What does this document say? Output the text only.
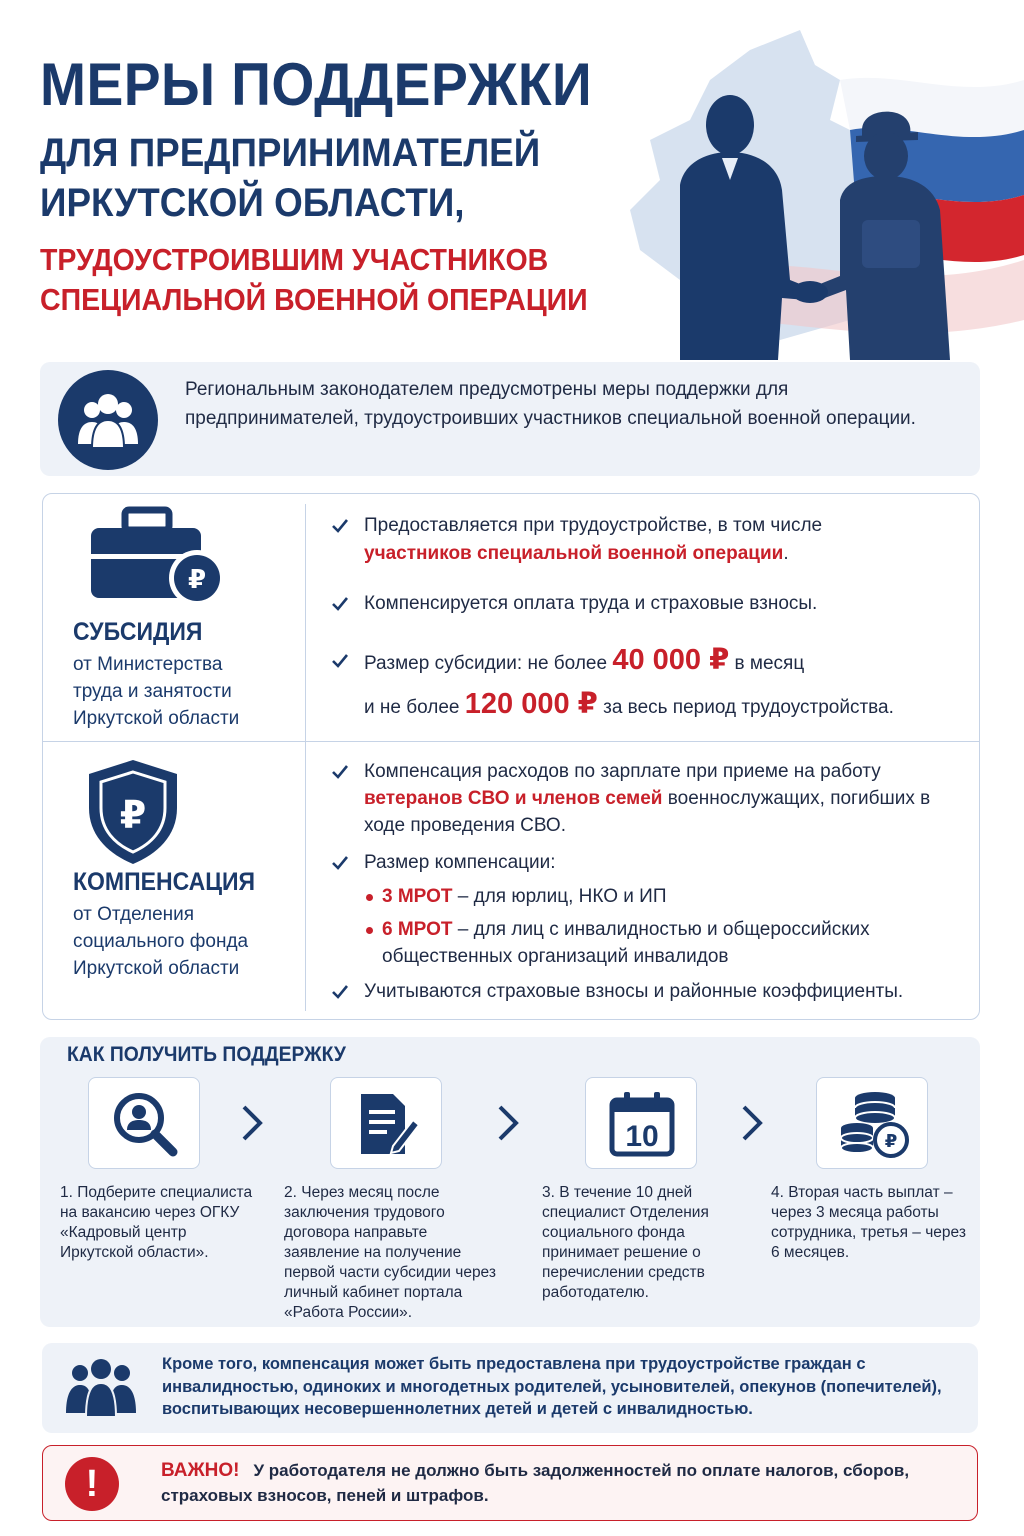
МЕРЫ ПОДДЕРЖКИ
ДЛЯ ПРЕДПРИНИМАТЕЛЕЙ
ИРКУТСКОЙ ОБЛАСТИ,
ТРУДОУСТРОИВШИМ УЧАСТНИКОВ
СПЕЦИАЛЬНОЙ ВОЕННОЙ ОПЕРАЦИИ
Региональным законодателем предусмотрены меры поддержки для предпринимателей, трудоустроивших участников специальной военной операции.
₽
СУБСИДИЯ
от Министерства
труда и занятости
Иркутской области
Предоставляется при трудоустройстве, в том числе
участников специальной военной операции.
Компенсируется оплата труда и страховые взносы.
Размер субсидии: не более 40 000 ₽ в месяц
и не более 120 000 ₽ за весь период трудоустройства.
₽
КОМПЕНСАЦИЯ
от Отделения
социального фонда
Иркутской области
Компенсация расходов по зарплате при приеме на работу
ветеранов СВО и членов семей военнослужащих, погибших в ходе проведения СВО.
Размер компенсации:
3 МРОТ – для юрлиц, НКО и ИП
6 МРОТ – для лиц с инвалидностью и общероссийских общественных организаций инвалидов
Учитываются страховые взносы и районные коэффициенты.
КАК ПОЛУЧИТЬ ПОДДЕРЖКУ
10	₽
1. Подберите специалиста на вакансию через ОГКУ «Кадровый центр Иркутской области».
2. Через месяц после заключения трудового договора направьте заявление на получение первой части субсидии через личный кабинет портала «Работа России».
3. В течение 10 дней специалист Отделения социального фонда принимает решение о перечислении средств работодателю.
4. Вторая часть выплат – через 3 месяца работы сотрудника, третья – через 6 месяцев.
Кроме того, компенсация может быть предоставлена при трудоустройстве граждан с инвалидностью, одиноких и многодетных родителей, усыновителей, опекунов (попечителей), воспитывающих несовершеннолетних детей и детей с инвалидностью.
!	ВАЖНО! У работодателя не должно быть задолженностей по оплате налогов, сборов, страховых взносов, пеней и штрафов.
